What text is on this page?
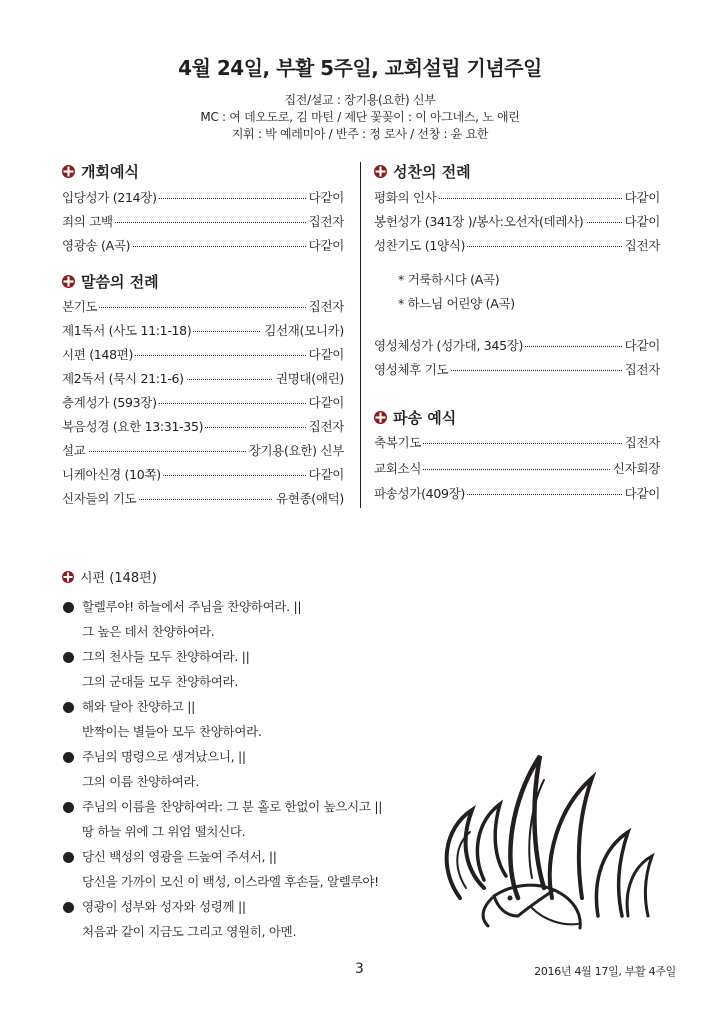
4월 24일, 부활 5주일, 교회설립 기념주일
집전/설교 : 장기용(요한) 신부
MC : 여 데오도로, 김 마틴 / 제단 꽃꽂이 : 이 아그네스, 노 애린
지휘 : 박 예레미아 / 반주 : 정 로사 / 선창 : 윤 요한
개회예식
입당성가 (214장)	다같이
죄의 고백	집전자
영광송 (A곡)	다같이
말씀의 전례
본기도	집전자
제1독서 (사도 11:1-18)	김선재(모니카)
시편 (148편)	다같이
제2독서 (묵시 21:1-6)	권명대(애린)
층계성가 (593장)	다같이
복음성경 (요한 13:31-35)	집전자
설교	장기용(요한) 신부
니케아신경 (10쪽)	다같이
신자들의 기도	유현종(애덕)
성찬의 전례
평화의 인사	다같이
봉헌성가 (341장 )/봉사:오선자(데레사)	다같이
성찬기도 (1양식)	집전자
* 거룩하시다 (A곡)
* 하느님 어린양 (A곡)
영성체성가 (성가대, 345장)	다같이
영성체후 기도	집전자
파송 예식
축복기도	집전자
교회소식	신자회장
파송성가(409장)	다같이
시편 (148편)
할렐루야! 하늘에서 주님을 찬양하여라. ||
그 높은 데서 찬양하여라.
그의 천사들 모두 찬양하여라. ||
그의 군대들 모두 찬양하여라.
해와 달아 찬양하고 ||
반짝이는 별들아 모두 찬양하여라.
주님의 명령으로 생겨났으니, ||
그의 이름 찬양하여라.
주님의 이름을 찬양하여라: 그 분 홀로 한없이 높으시고 ||
땅 하늘 위에 그 위엄 떨치신다.
당신 백성의 영광을 드높여 주셔서, ||
당신을 가까이 모신 이 백성, 이스라엘 후손들, 알렐루야!
영광이 성부와 성자와 성령께 ||
처음과 같이 지금도 그리고 영원히, 아멘.
3	2016년 4월 17일, 부활 4주일
